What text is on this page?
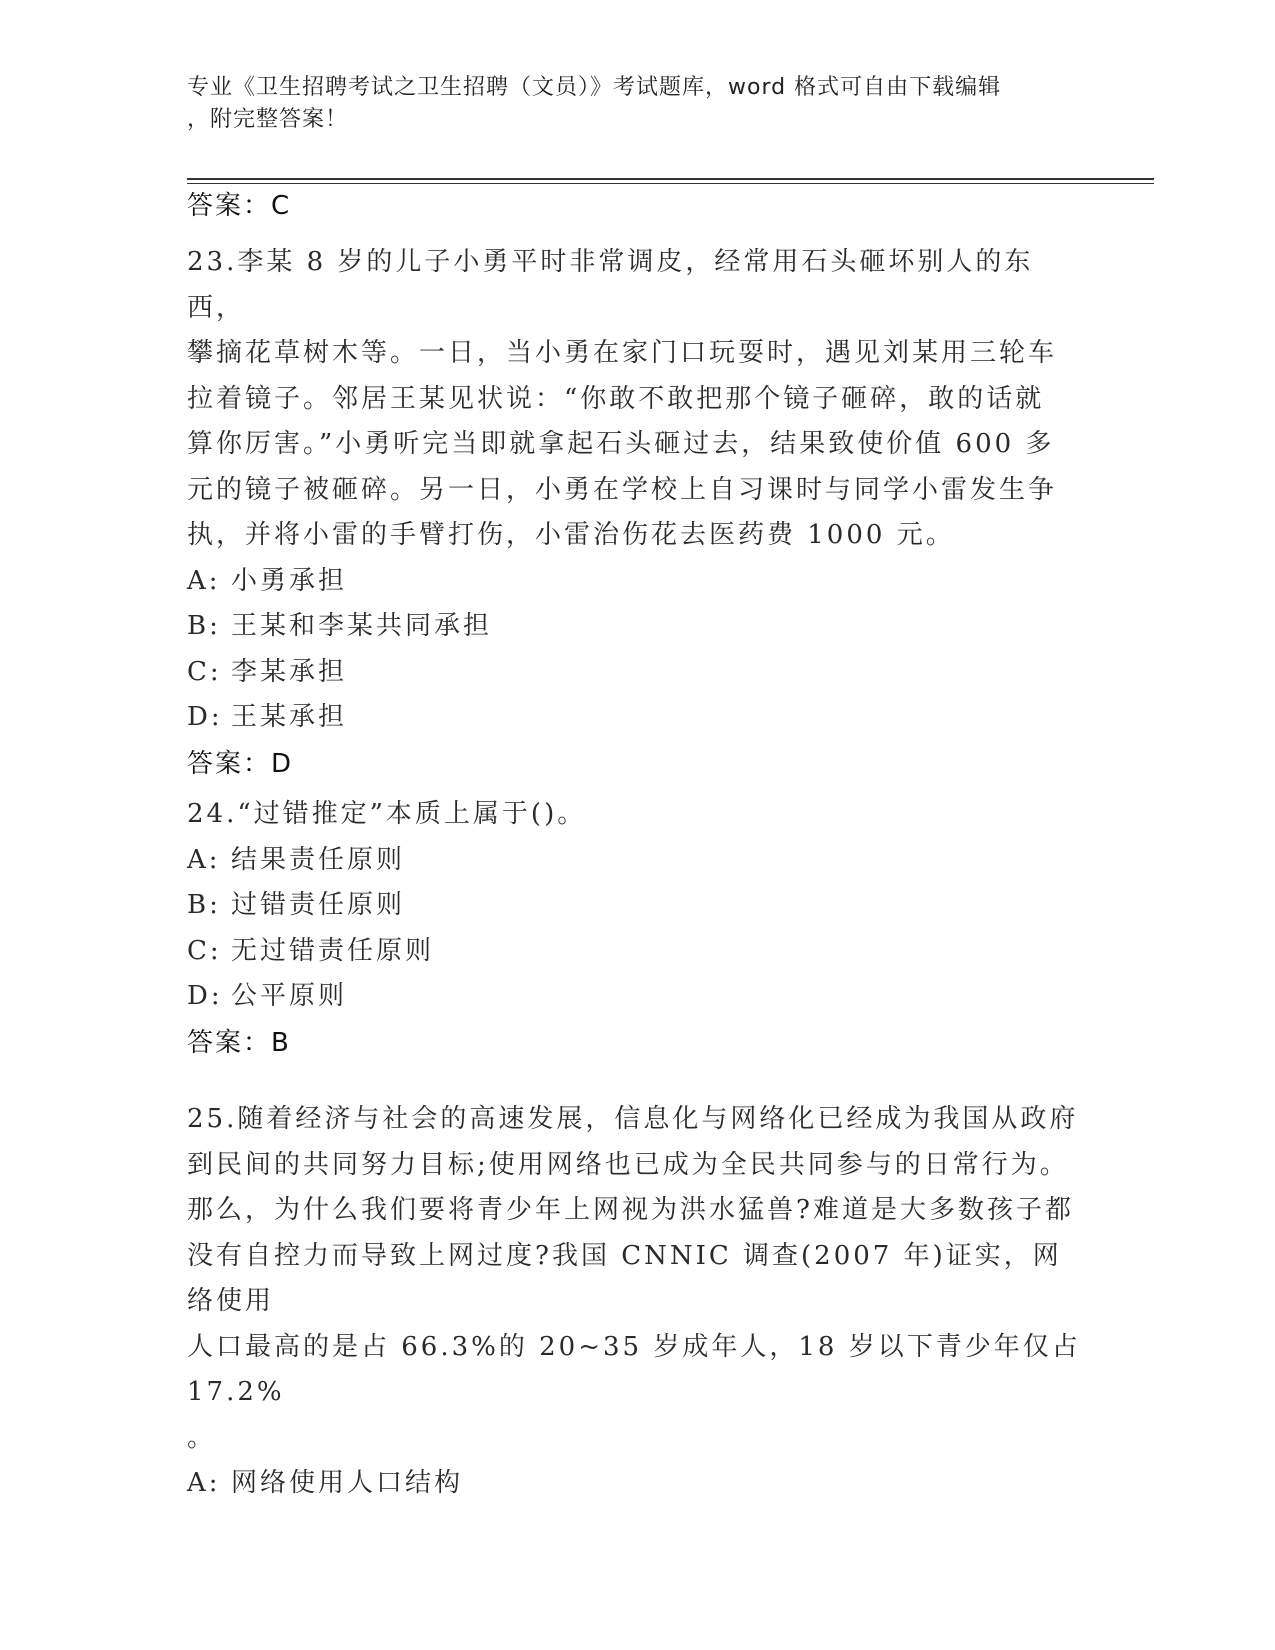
专业《卫生招聘考试之卫生招聘（文员）》考试题库，word 格式可自由下载编辑
，附完整答案！
答案：C
23.李某 8 岁的儿子小勇平时非常调皮，经常用石头砸坏别人的东西，
攀摘花草树木等。一日，当小勇在家门口玩耍时，遇见刘某用三轮车
拉着镜子。邻居王某见状说：“你敢不敢把那个镜子砸碎，敢的话就
算你厉害。”小勇听完当即就拿起石头砸过去，结果致使价值 600 多
元的镜子被砸碎。另一日，小勇在学校上自习课时与同学小雷发生争
执，并将小雷的手臂打伤，小雷治伤花去医药费 1000 元。
A: 小勇承担
B: 王某和李某共同承担
C: 李某承担
D: 王某承担
答案：D
24.“过错推定”本质上属于()。
A: 结果责任原则
B: 过错责任原则
C: 无过错责任原则
D: 公平原则
答案：B
25.随着经济与社会的高速发展，信息化与网络化已经成为我国从政府
到民间的共同努力目标;使用网络也已成为全民共同参与的日常行为。
那么，为什么我们要将青少年上网视为洪水猛兽?难道是大多数孩子都
没有自控力而导致上网过度?我国 CNNIC 调查(2007 年)证实，网络使用
人口最高的是占 66.3%的 20~35 岁成年人，18 岁以下青少年仅占 17.2%
。
A: 网络使用人口结构
